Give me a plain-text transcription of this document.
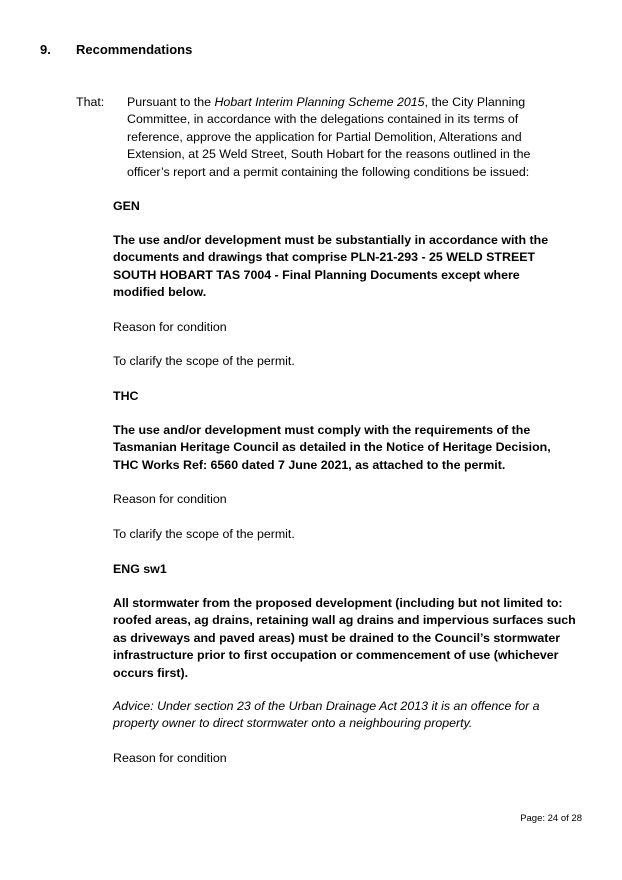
9. Recommendations
That: Pursuant to the Hobart Interim Planning Scheme 2015, the City Planning Committee, in accordance with the delegations contained in its terms of reference, approve the application for Partial Demolition, Alterations and Extension, at 25 Weld Street, South Hobart for the reasons outlined in the officer’s report and a permit containing the following conditions be issued:
GEN
The use and/or development must be substantially in accordance with the documents and drawings that comprise PLN-21-293 - 25 WELD STREET SOUTH HOBART TAS 7004 - Final Planning Documents except where modified below.
Reason for condition
To clarify the scope of the permit.
THC
The use and/or development must comply with the requirements of the Tasmanian Heritage Council as detailed in the Notice of Heritage Decision, THC Works Ref: 6560 dated 7 June 2021, as attached to the permit.
Reason for condition
To clarify the scope of the permit.
ENG sw1
All stormwater from the proposed development (including but not limited to: roofed areas, ag drains, retaining wall ag drains and impervious surfaces such as driveways and paved areas) must be drained to the Council’s stormwater infrastructure prior to first occupation or commencement of use (whichever occurs first).
Advice: Under section 23 of the Urban Drainage Act 2013 it is an offence for a property owner to direct stormwater onto a neighbouring property.
Reason for condition
Page: 24 of 28
